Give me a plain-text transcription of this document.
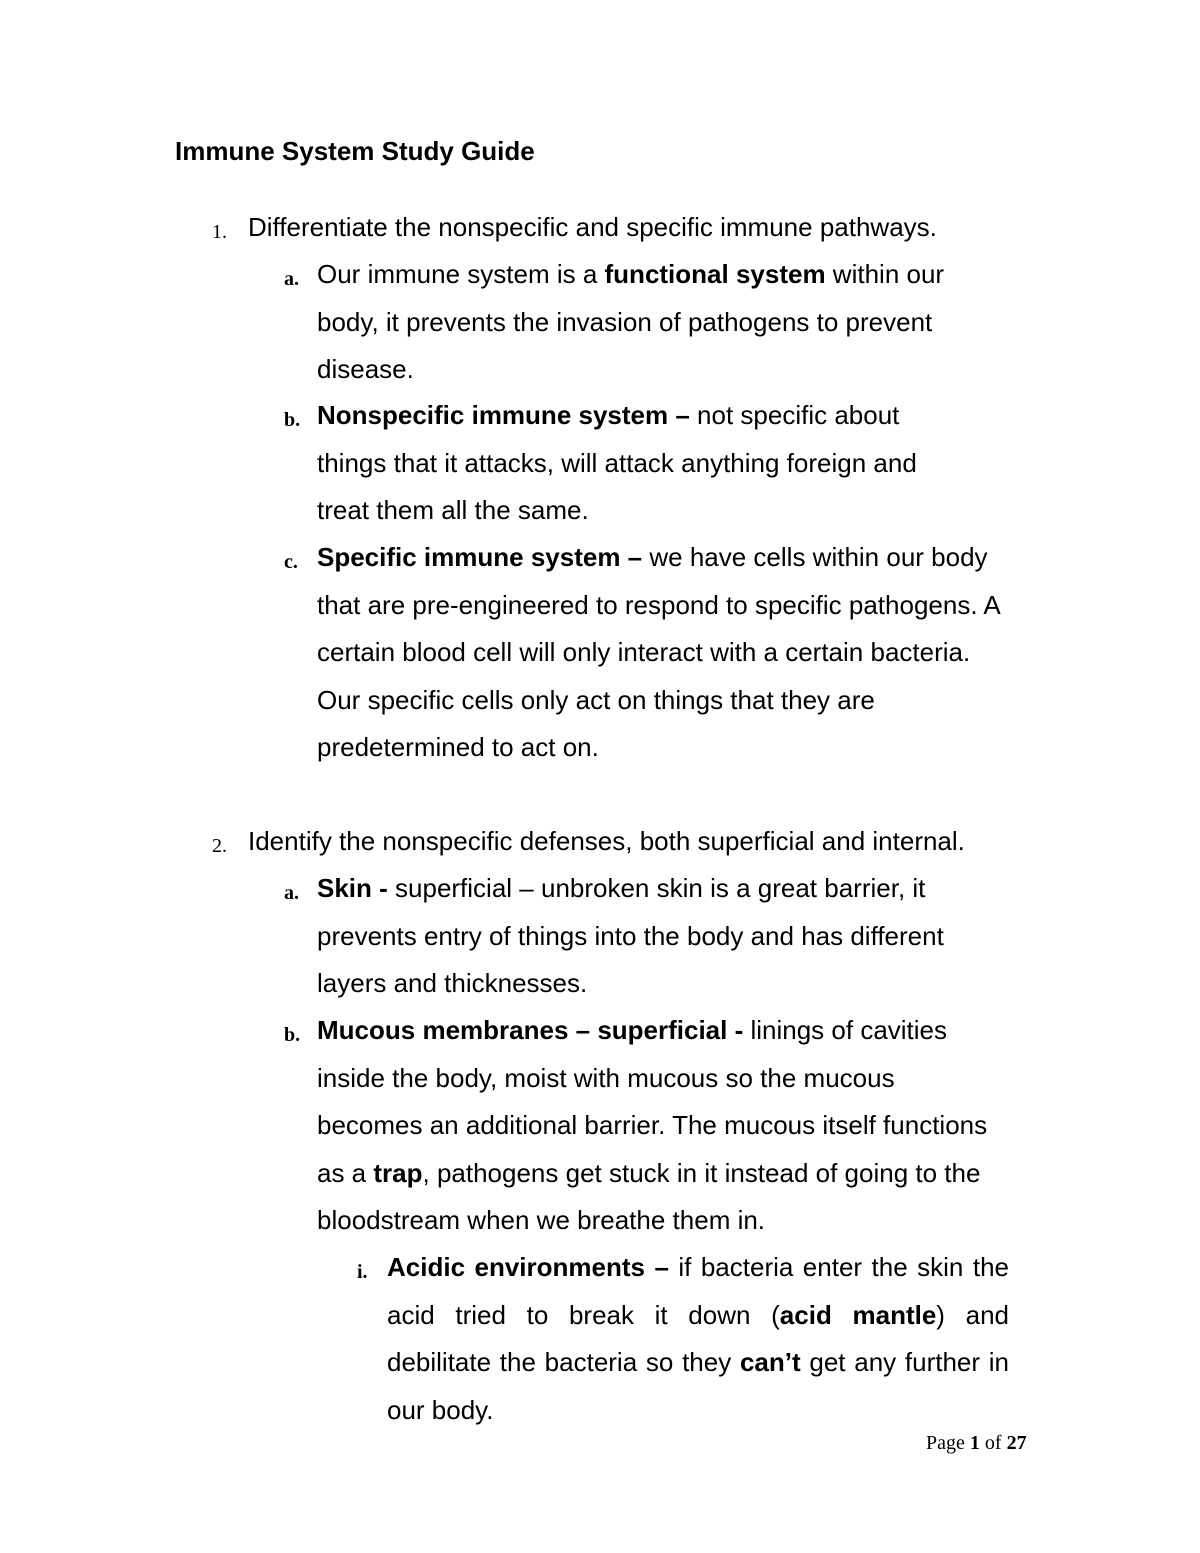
Immune System Study Guide
1. Differentiate the nonspecific and specific immune pathways.

a. Our immune system is a functional system within our body, it prevents the invasion of pathogens to prevent disease.

b. Nonspecific immune system – not specific about things that it attacks, will attack anything foreign and treat them all the same.

c. Specific immune system – we have cells within our body that are pre-engineered to respond to specific pathogens. A certain blood cell will only interact with a certain bacteria. Our specific cells only act on things that they are predetermined to act on.

2. Identify the nonspecific defenses, both superficial and internal.

a. Skin - superficial – unbroken skin is a great barrier, it prevents entry of things into the body and has different layers and thicknesses.

b. Mucous membranes – superficial - linings of cavities inside the body, moist with mucous so the mucous becomes an additional barrier. The mucous itself functions as a trap, pathogens get stuck in it instead of going to the bloodstream when we breathe them in.

i. Acidic environments – if bacteria enter the skin the acid tried to break it down (acid mantle) and debilitate the bacteria so they can’t get any further in our body.

Page 1 of 27
